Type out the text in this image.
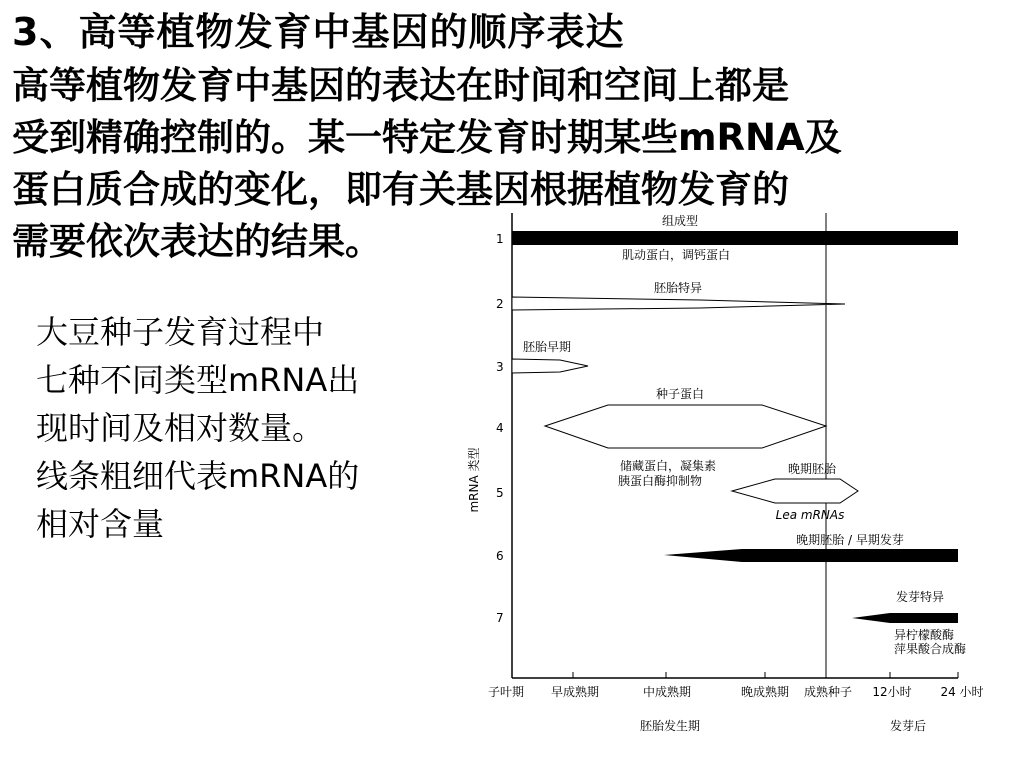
3、高等植物发育中基因的顺序表达
高等植物发育中基因的表达在时间和空间上都是
受到精确控制的。某一特定发育时期某些mRNA及
蛋白质合成的变化，即有关基因根据植物发育的
需要依次表达的结果。
大豆种子发育过程中
七种不同类型mRNA出
现时间及相对数量。
线条粗细代表mRNA的
相对含量
mRNA 类型
1
2
3
4
5
6
7
组成型
肌动蛋白，调钙蛋白
胚胎特异
胚胎早期
种子蛋白
储藏蛋白，凝集素
胰蛋白酶抑制物
晚期胚胎
Lea mRNAs
晚期胚胎 / 早期发芽
发芽特异
异柠檬酸酶
萍果酸合成酶
子叶期 早成熟期	中成熟期	晚成熟期 成熟种子 12小时 24 小时
胚胎发生期	发芽后
